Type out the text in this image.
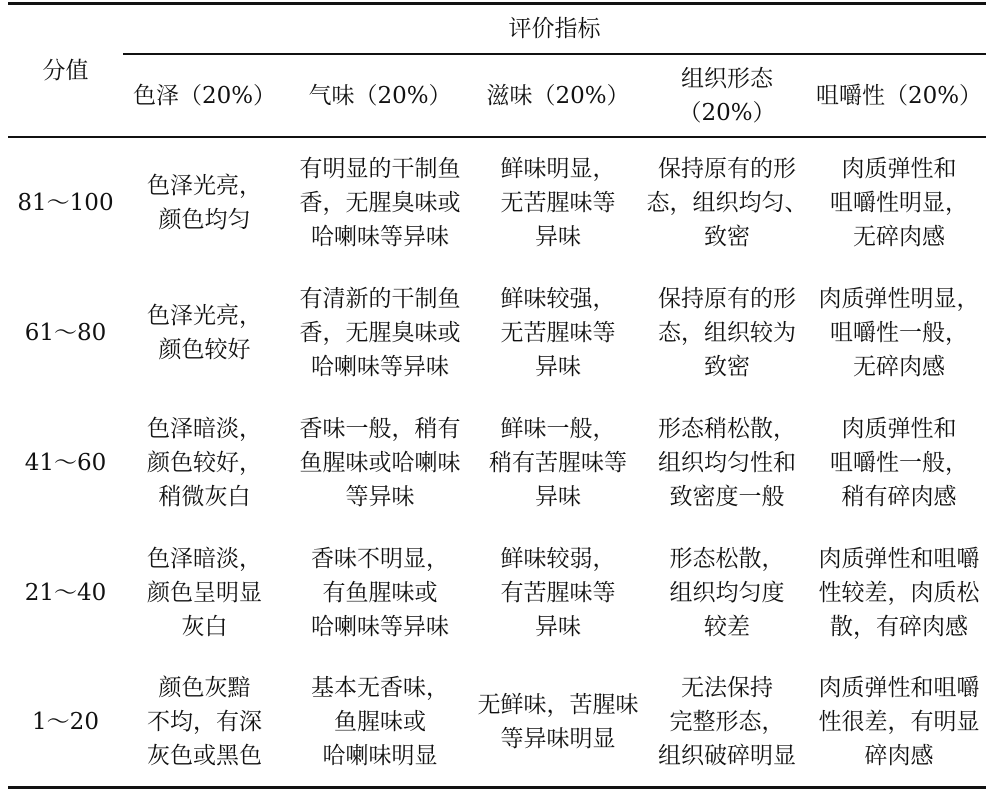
分值
评价指标
色泽（20%） 气味（20%） 滋味（20%）
组织形态
（20%）
咀嚼性（20%）
81～100
色泽光亮，
颜色均匀
有明显的干制鱼
香，无腥臭味或
哈喇味等异味
鲜味明显，
无苦腥味等
异味
保持原有的形
态，组织均匀、
致密
肉质弹性和
咀嚼性明显，
无碎肉感
61～80
色泽光亮，
颜色较好
有清新的干制鱼
香，无腥臭味或
哈喇味等异味
鲜味较强，
无苦腥味等
异味
保持原有的形
态，组织较为
致密
肉质弹性明显，
咀嚼性一般，
无碎肉感
41～60
色泽暗淡，
颜色较好，
稍微灰白
香味一般，稍有
鱼腥味或哈喇味
等异味
鲜味一般，
稍有苦腥味等
异味
形态稍松散，
组织均匀性和
致密度一般
肉质弹性和
咀嚼性一般，
稍有碎肉感
21～40
色泽暗淡，
颜色呈明显
灰白
香味不明显，
有鱼腥味或
哈喇味等异味
鲜味较弱，
有苦腥味等
异味
形态松散，
组织均匀度
较差
肉质弹性和咀嚼
性较差，肉质松
散，有碎肉感
1～20
颜色灰黯
不均，有深
灰色或黑色
基本无香味，
鱼腥味或
哈喇味明显
无鲜味，苦腥味
等异味明显
无法保持
完整形态，
组织破碎明显
肉质弹性和咀嚼
性很差，有明显
碎肉感
